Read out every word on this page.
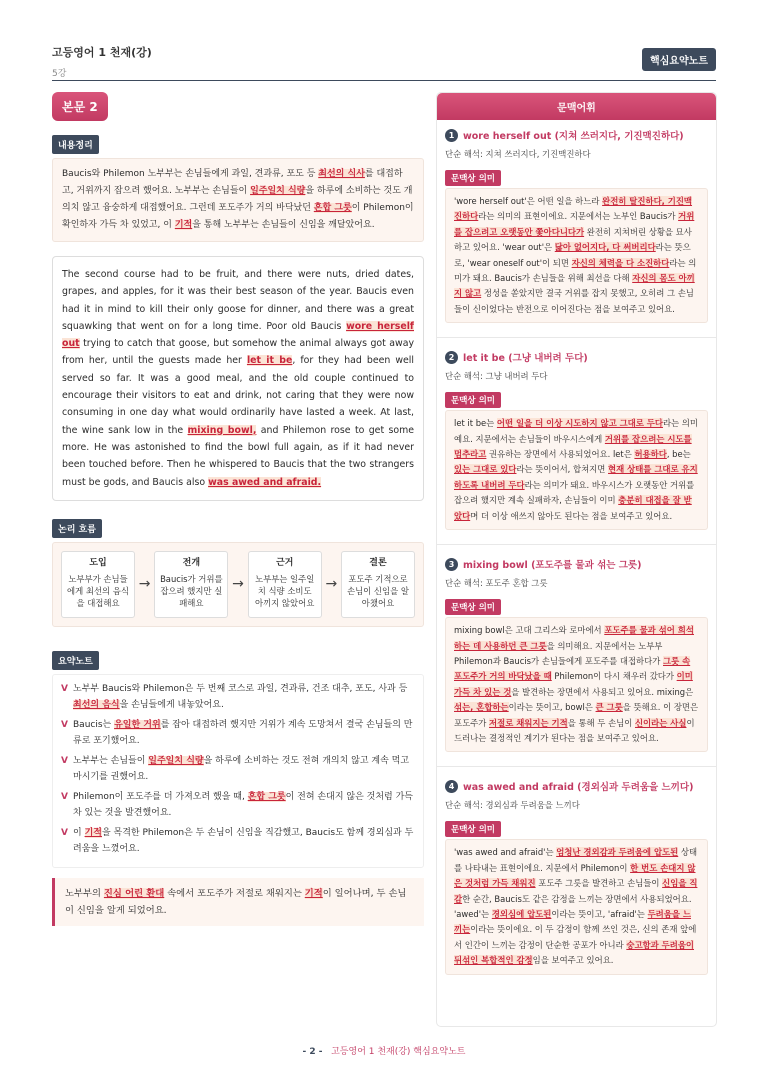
고등영어 1 천재(강)
5강
핵심요약노트
본문 2
내용정리
Baucis와 Philemon 노부부는 손님들에게 과일, 견과류, 포도 등 최선의 식사를 대접하고, 거위까지 잡으려 했어요. 노부부는 손님들이 일주일치 식량을 하루에 소비하는 것도 개의치 않고 융숭하게 대접했어요. 그런데 포도주가 거의 바닥났던 혼합 그릇이 Philemon이 확인하자 가득 차 있었고, 이 기적을 통해 노부부는 손님들이 신임을 깨달았어요.
The second course had to be fruit, and there were nuts, dried dates, grapes, and apples, for it was their best season of the year. Baucis even had it in mind to kill their only goose for dinner, and there was a great squawking that went on for a long time. Poor old Baucis wore herself out trying to catch that goose, but somehow the animal always got away from her, until the guests made her let it be, for they had been well served so far. It was a good meal, and the old couple continued to encourage their visitors to eat and drink, not caring that they were now consuming in one day what would ordinarily have lasted a week. At last, the wine sank low in the mixing bowl, and Philemon rose to get some more. He was astonished to find the bowl full again, as if it had never been touched before. Then he whispered to Baucis that the two strangers must be gods, and Baucis also was awed and afraid.
논리 흐름
도입
노부부가 손님들에게 최선의 음식을 대접해요
→
전개
Baucis가 거위를 잡으려 했지만 실패해요
→
근거
노부부는 일주일치 식량 소비도 아끼지 않았어요
→
결론
포도주 기적으로 손님이 신임을 알아챘어요
요약노트
V 노부부 Baucis와 Philemon은 두 번째 코스로 과일, 견과류, 건조 대추, 포도, 사과 등 최선의 음식을 손님들에게 내놓았어요.
V Baucis는 유일한 거위를 잡아 대접하려 했지만 거위가 계속 도망쳐서 결국 손님들의 만류로 포기했어요.
V 노부부는 손님들이 일주일치 식량을 하루에 소비하는 것도 전혀 개의치 않고 계속 먹고 마시기를 권했어요.
V Philemon이 포도주를 더 가져오려 했을 때, 혼합 그릇이 전혀 손대지 않은 것처럼 가득 차 있는 것을 발견했어요.
V 이 기적을 목격한 Philemon은 두 손님이 신임을 직감했고, Baucis도 함께 경외심과 두려움을 느꼈어요.
노부부의 진심 어린 환대 속에서 포도주가 저절로 채워지는 기적이 일어나며, 두 손님이 신임을 알게 되었어요.
문맥어휘
1 wore herself out (지쳐 쓰러지다, 기진맥진하다)
단순 해석: 지쳐 쓰러지다, 기진맥진하다
문맥상 의미
'wore herself out'은 어떤 일을 하느라 완전히 탈진하다, 기진맥진하다라는 의미의 표현이에요. 지문에서는 노부인 Baucis가 거위를 잡으려고 오랫동안 쫓아다니다가 완전히 지쳐버린 상황을 묘사하고 있어요. 'wear out'은 닳아 없어지다, 다 써버리다라는 뜻으로, 'wear oneself out'이 되면 자신의 체력을 다 소진하다라는 의미가 돼요. Baucis가 손님들을 위해 최선을 다해 자신의 몸도 아끼지 않고 정성을 쏟았지만 결국 거위를 잡지 못했고, 오히려 그 손님들이 신이었다는 반전으로 이어진다는 점을 보여주고 있어요.
2 let it be (그냥 내버려 두다)
단순 해석: 그냥 내버려 두다
문맥상 의미
let it be는 어떤 일을 더 이상 시도하지 않고 그대로 두다라는 의미예요. 지문에서는 손님들이 바우시스에게 거위를 잡으려는 시도를 멈추라고 권유하는 장면에서 사용되었어요. let은 허용하다, be는 있는 그대로 있다라는 뜻이어서, 합쳐지면 현재 상태를 그대로 유지하도록 내버려 두다라는 의미가 돼요. 바우시스가 오랫동안 거위를 잡으려 했지만 계속 실패하자, 손님들이 이미 충분히 대접을 잘 받았다며 더 이상 애쓰지 않아도 된다는 점을 보여주고 있어요.
3 mixing bowl (포도주를 물과 섞는 그릇)
단순 해석: 포도주 혼합 그릇
문맥상 의미
mixing bowl은 고대 그리스와 로마에서 포도주를 물과 섞어 희석하는 데 사용하던 큰 그릇을 의미해요. 지문에서는 노부부 Philemon과 Baucis가 손님들에게 포도주를 대접하다가 그릇 속 포도주가 거의 바닥났을 때 Philemon이 다시 채우러 갔다가 이미 가득 차 있는 것을 발견하는 장면에서 사용되고 있어요. mixing은 섞는, 혼합하는이라는 뜻이고, bowl은 큰 그릇을 뜻해요. 이 장면은 포도주가 저절로 채워지는 기적을 통해 두 손님이 신이라는 사실이 드러나는 결정적인 계기가 된다는 점을 보여주고 있어요.
4 was awed and afraid (경외심과 두려움을 느끼다)
단순 해석: 경외심과 두려움을 느끼다
문맥상 의미
'was awed and afraid'는 엄청난 경외감과 두려움에 압도된 상태를 나타내는 표현이에요. 지문에서 Philemon이 한 번도 손대지 않은 것처럼 가득 채워진 포도주 그릇을 발견하고 손님들이 신임을 직감한 순간, Baucis도 같은 감정을 느끼는 장면에서 사용되었어요. 'awed'는 경외심에 압도된이라는 뜻이고, 'afraid'는 두려움을 느끼는이라는 뜻이에요. 이 두 감정이 함께 쓰인 것은, 신의 존재 앞에서 인간이 느끼는 감정이 단순한 공포가 아니라 숭고함과 두려움이 뒤섞인 복합적인 감정임을 보여주고 있어요.
- 2 - 고등영어 1 천재(강) 핵심요약노트
